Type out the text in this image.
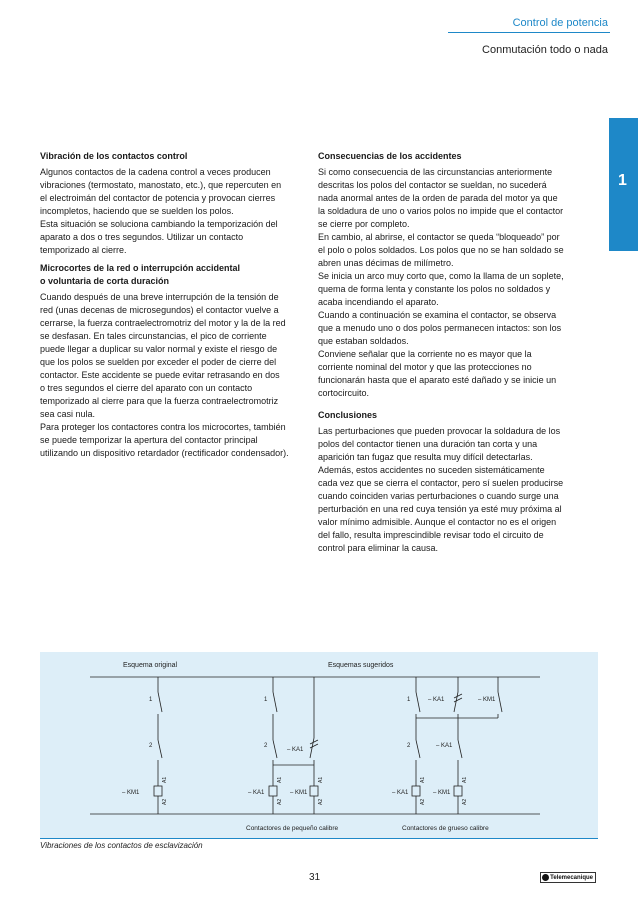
Control de potencia
Conmutación todo o nada
1
Vibración de los contactos control

Algunos contactos de la cadena control a veces producen
vibraciones (termostato, manostato, etc.), que repercuten en
el electroimán del contactor de potencia y provocan cierres
incompletos, haciendo que se suelden los polos.
Esta situación se soluciona cambiando la temporización del
aparato a dos o tres segundos. Utilizar un contacto
temporizado al cierre.

Microcortes de la red o interrupción accidental
o voluntaria de corta duración

Cuando después de una breve interrupción de la tensión de
red (unas decenas de microsegundos) el contactor vuelve a
cerrarse, la fuerza contraelectromotriz del motor y la de la red
se desfasan. En tales circunstancias, el pico de corriente
puede llegar a duplicar su valor normal y existe el riesgo de
que los polos se suelden por exceder el poder de cierre del
contactor. Este accidente se puede evitar retrasando en dos
o tres segundos el cierre del aparato con un contacto
temporizado al cierre para que la fuerza contraelectromotriz
sea casi nula.
Para proteger los contactores contra los microcortes, también
se puede temporizar la apertura del contactor principal
utilizando un dispositivo retardador (rectificador condensador).

Consecuencias de los accidentes

Si como consecuencia de las circunstancias anteriormente
descritas los polos del contactor se sueldan, no sucederá
nada anormal antes de la orden de parada del motor ya que
la soldadura de uno o varios polos no impide que el contactor
se cierre por completo.
En cambio, al abrirse, el contactor se queda “bloqueado” por
el polo o polos soldados. Los polos que no se han soldado se
abren unas décimas de milímetro.
Se inicia un arco muy corto que, como la llama de un soplete,
quema de forma lenta y constante los polos no soldados y
acaba incendiando el aparato.
Cuando a continuación se examina el contactor, se observa
que a menudo uno o dos polos permanecen intactos: son los
que estaban soldados.
Conviene señalar que la corriente no es mayor que la
corriente nominal del motor y que las protecciones no
funcionarán hasta que el aparato esté dañado y se inicie un
cortocircuito.

Conclusiones

Las perturbaciones que pueden provocar la soldadura de los
polos del contactor tienen una duración tan corta y una
aparición tan fugaz que resulta muy difícil detectarlas.
Además, estos accidentes no suceden sistemáticamente
cada vez que se cierra el contactor, pero sí suelen producirse
cuando coinciden varias perturbaciones o cuando surge una
perturbación en una red cuya tensión ya esté muy próxima al
valor mínimo admisible. Aunque el contactor no es el origen
del fallo, resulta imprescindible revisar todo el circuito de
control para eliminar la causa.

Esquema original	Esquemas sugeridos
1
2
– KM1
A1
A2
1
2
– KA1
– KA1	– KM1
A1
A2
A1
A2
Contactores de pequeño calibre
1
2
– KA1	– KM1
– KA1
– KA1	– KM1
A1
A2
A1
A2
Contactores de grueso calibre
Vibraciones de los contactos de esclavización
31	Telemecanique
